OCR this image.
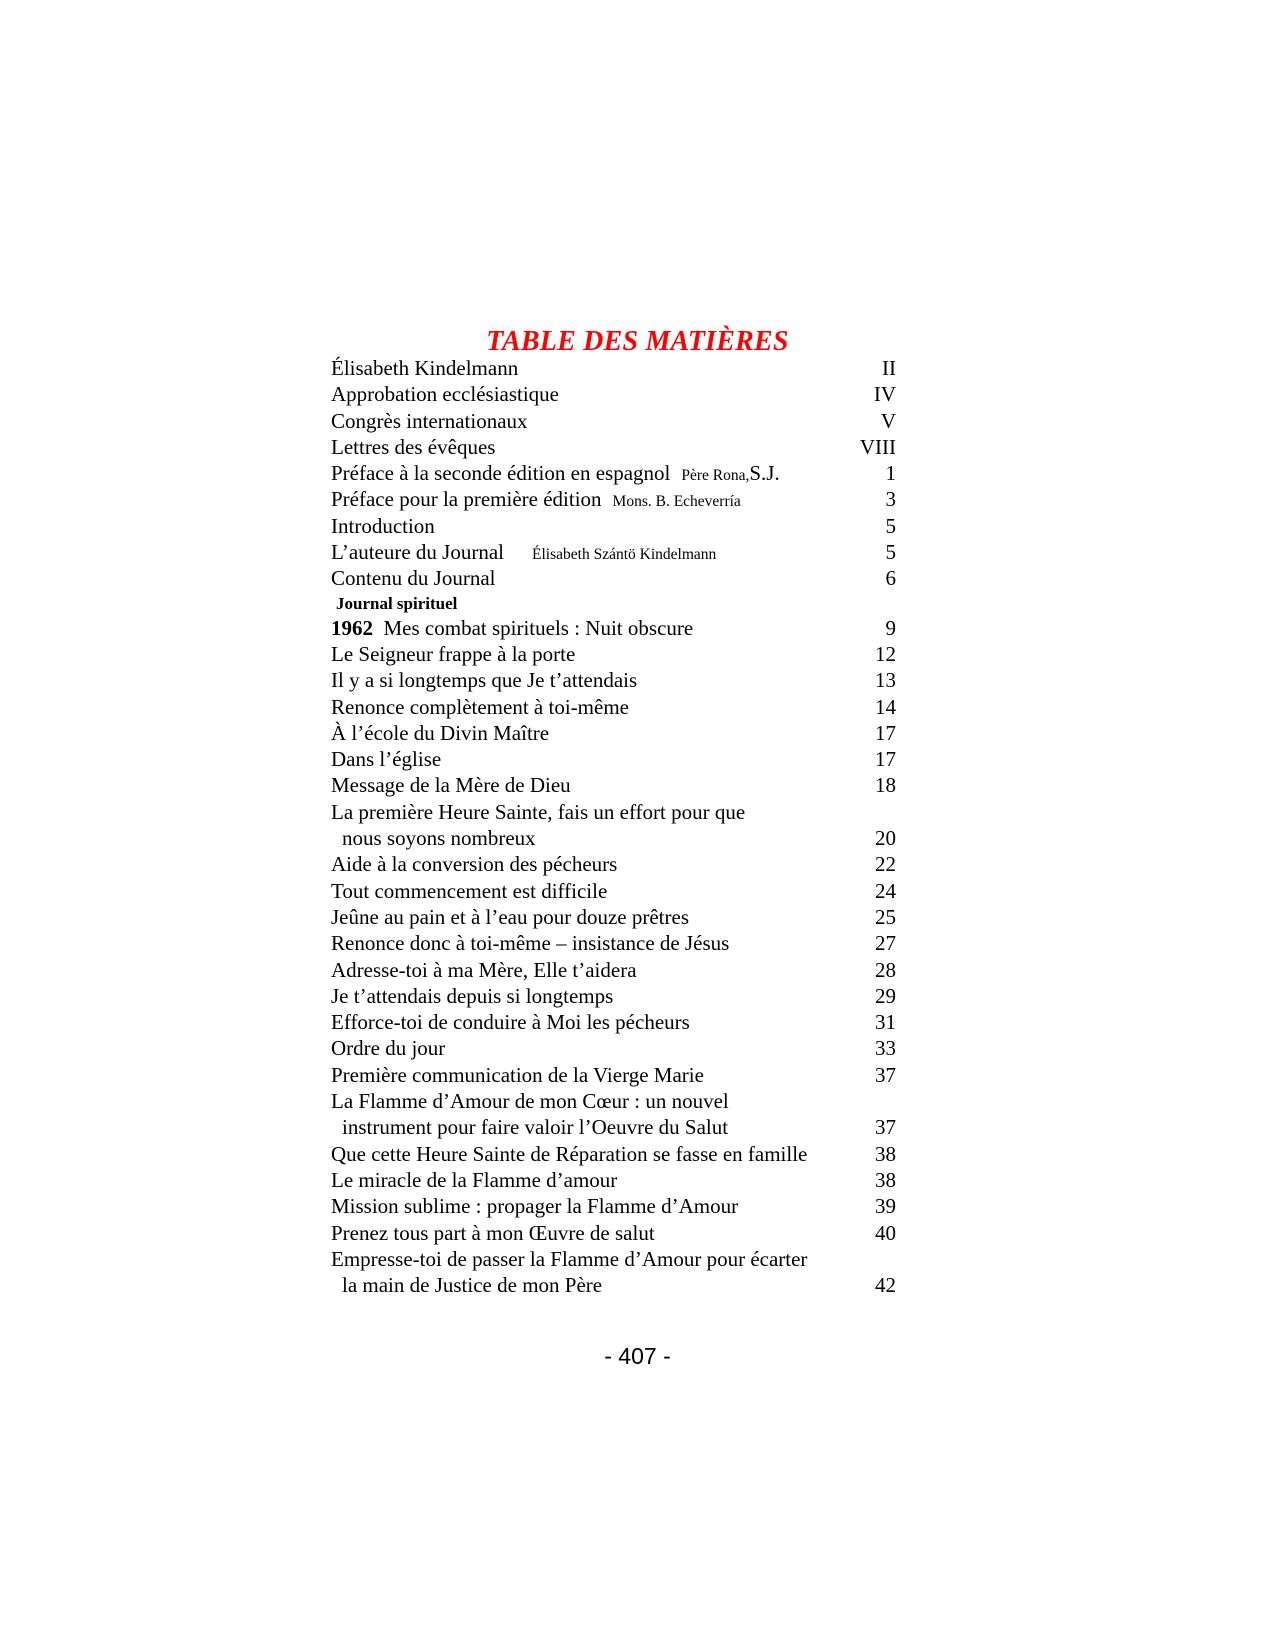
TABLE DES MATIÈRES
Élisabeth Kindelmann	II
Approbation ecclésiastique	IV
Congrès internationaux	V
Lettres des évêques	VIII
Préface à la seconde édition en espagnol Père Rona,S.J.	1
Préface pour la première édition Mons. B. Echeverría	3
Introduction	5
L’auteure du Journal Élisabeth Szántö Kindelmann	5
Contenu du Journal	6
Journal spirituel
1962 Mes combat spirituels : Nuit obscure	9
Le Seigneur frappe à la porte	12
Il y a si longtemps que Je t’attendais	13
Renonce complètement à toi-même	14
À l’école du Divin Maître	17
Dans l’église	17
Message de la Mère de Dieu	18
La première Heure Sainte, fais un effort pour que
nous soyons nombreux	20
Aide à la conversion des pécheurs	22
Tout commencement est difficile	24
Jeûne au pain et à l’eau pour douze prêtres	25
Renonce donc à toi-même – insistance de Jésus	27
Adresse-toi à ma Mère, Elle t’aidera	28
Je t’attendais depuis si longtemps	29
Efforce-toi de conduire à Moi les pécheurs	31
Ordre du jour	33
Première communication de la Vierge Marie	37
La Flamme d’Amour de mon Cœur : un nouvel
instrument pour faire valoir l’Oeuvre du Salut	37
Que cette Heure Sainte de Réparation se fasse en famille	38
Le miracle de la Flamme d’amour	38
Mission sublime : propager la Flamme d’Amour	39
Prenez tous part à mon Œuvre de salut	40
Empresse-toi de passer la Flamme d’Amour pour écarter
la main de Justice de mon Père	42
- 407 -
